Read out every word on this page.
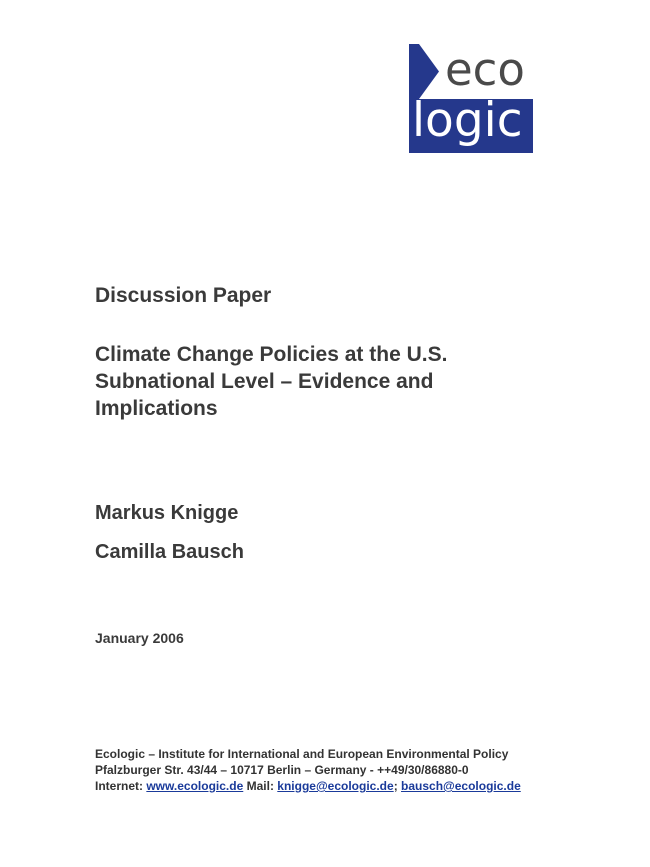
eco
logic
Discussion Paper
Climate Change Policies at the U.S.
Subnational Level – Evidence and
Implications
Markus Knigge
Camilla Bausch
January 2006
Ecologic – Institute for International and European Environmental Policy
Pfalzburger Str. 43/44 – 10717 Berlin – Germany - ++49/30/86880-0
Internet: www.ecologic.de Mail: knigge@ecologic.de; bausch@ecologic.de
